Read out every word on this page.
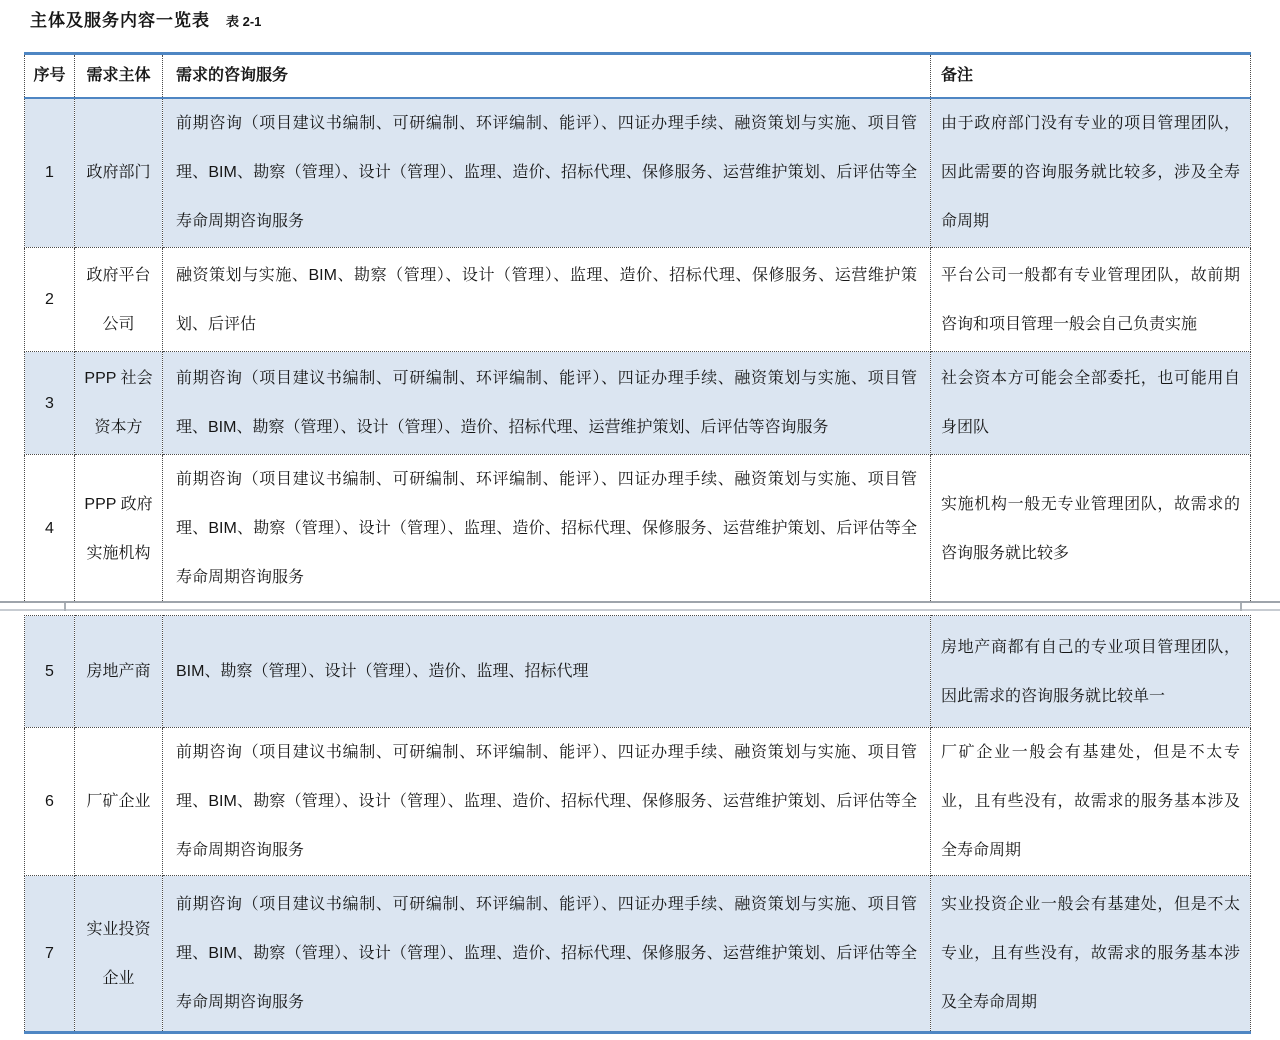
主体及服务内容一览表 表 2-1
序号	需求主体	需求的咨询服务	备注
1	政府部门	前期咨询（项目建议书编制、可研编制、环评编制、能评）、四证办理手续、融资策划与实施、项目管理、BIM、勘察（管理）、设计（管理）、监理、造价、招标代理、保修服务、运营维护策划、后评估等全寿命周期咨询服务	由于政府部门没有专业的项目管理团队，因此需要的咨询服务就比较多，涉及全寿命周期
2	政府平台公司	融资策划与实施、BIM、勘察（管理）、设计（管理）、监理、造价、招标代理、保修服务、运营维护策划、后评估	平台公司一般都有专业管理团队，故前期咨询和项目管理一般会自己负责实施
3	PPP 社会资本方	前期咨询（项目建议书编制、可研编制、环评编制、能评）、四证办理手续、融资策划与实施、项目管理、BIM、勘察（管理）、设计（管理）、造价、招标代理、运营维护策划、后评估等咨询服务	社会资本方可能会全部委托，也可能用自身团队
4	PPP 政府实施机构	前期咨询（项目建议书编制、可研编制、环评编制、能评）、四证办理手续、融资策划与实施、项目管理、BIM、勘察（管理）、设计（管理）、监理、造价、招标代理、保修服务、运营维护策划、后评估等全寿命周期咨询服务	实施机构一般无专业管理团队，故需求的咨询服务就比较多
5	房地产商	BIM、勘察（管理）、设计（管理）、造价、监理、招标代理	房地产商都有自己的专业项目管理团队，因此需求的咨询服务就比较单一
6	厂矿企业	前期咨询（项目建议书编制、可研编制、环评编制、能评）、四证办理手续、融资策划与实施、项目管理、BIM、勘察（管理）、设计（管理）、监理、造价、招标代理、保修服务、运营维护策划、后评估等全寿命周期咨询服务	厂矿企业一般会有基建处，但是不太专业，且有些没有，故需求的服务基本涉及全寿命周期
7	实业投资企业	前期咨询（项目建议书编制、可研编制、环评编制、能评）、四证办理手续、融资策划与实施、项目管理、BIM、勘察（管理）、设计（管理）、监理、造价、招标代理、保修服务、运营维护策划、后评估等全寿命周期咨询服务	实业投资企业一般会有基建处，但是不太专业，且有些没有，故需求的服务基本涉及全寿命周期
